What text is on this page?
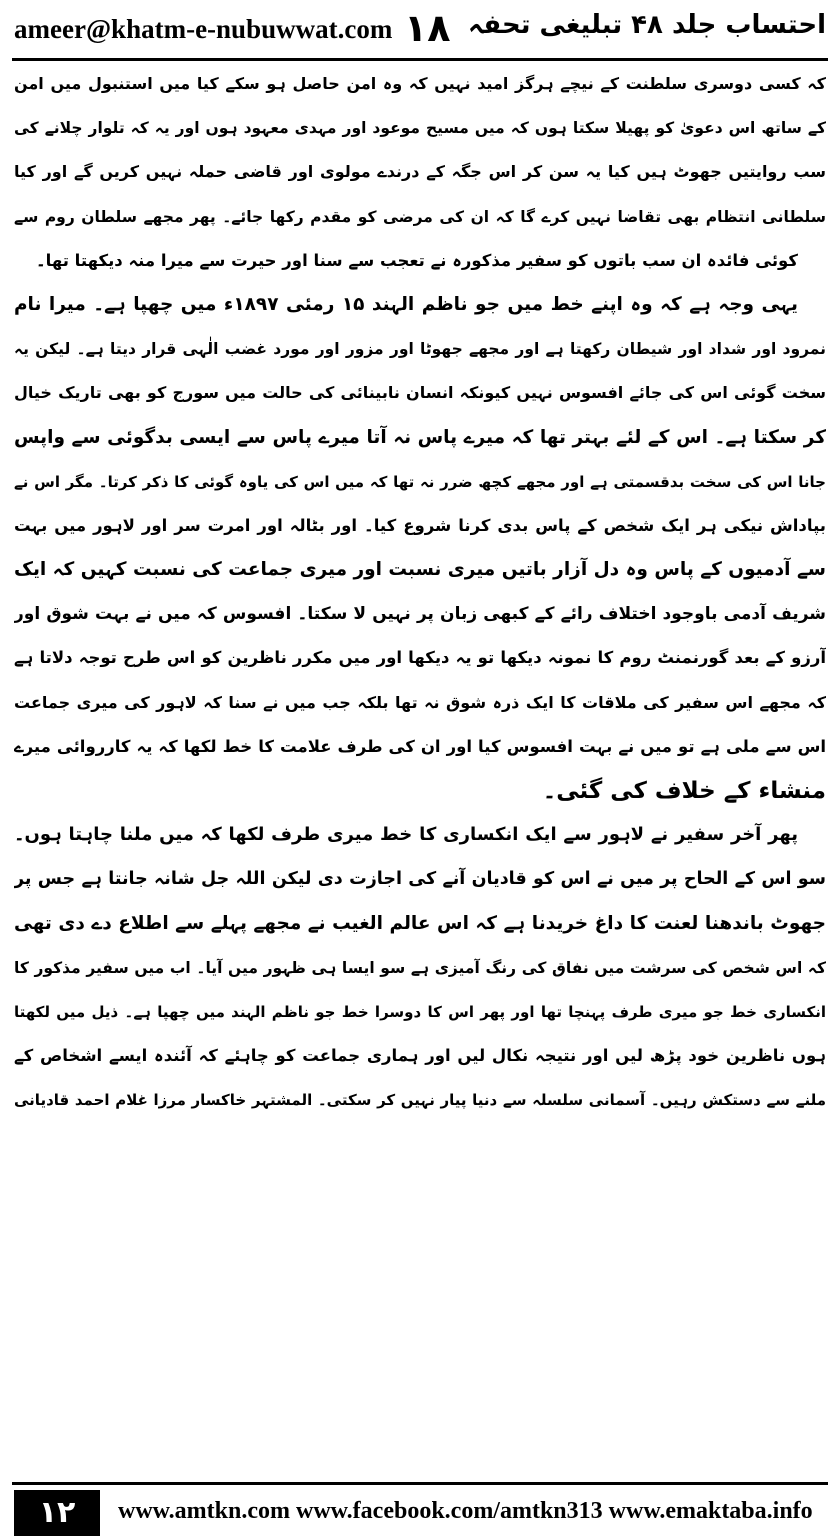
ameer@khatm-e-nubuwwat.com ۱۸ احتساب جلد ۴۸ تبلیغی تحفہ
کہ کسی دوسری سلطنت کے نیچے ہرگز امید نہیں کہ وہ امن حاصل ہو سکے کیا میں استنبول میں امن
کے ساتھ اس دعویٰ کو پھیلا سکتا ہوں کہ میں مسیح موعود اور مہدی معہود ہوں اور یہ کہ تلوار چلانے کی
سب روایتیں جھوٹ ہیں کیا یہ سن کر اس جگہ کے درندے مولوی اور قاضی حملہ نہیں کریں گے اور کیا
سلطانی انتظام بھی تقاضا نہیں کرے گا کہ ان کی مرضی کو مقدم رکھا جائے۔ پھر مجھے سلطان روم سے
کوئی فائدہ ان سب باتوں کو سفیر مذکورہ نے تعجب سے سنا اور حیرت سے میرا منہ دیکھتا تھا۔
یہی وجہ ہے کہ وہ اپنے خط میں جو ناظم الہند ۱۵ رمئی ۱۸۹۷ء میں چھپا ہے۔ میرا نام
نمرود اور شداد اور شیطان رکھتا ہے اور مجھے جھوٹا اور مزور اور مورد غضب الٰہی قرار دیتا ہے۔ لیکن یہ
سخت گوئی اس کی جائے افسوس نہیں کیونکہ انسان نابینائی کی حالت میں سورج کو بھی تاریک خیال
کر سکتا ہے۔ اس کے لئے بہتر تھا کہ میرے پاس نہ آتا میرے پاس سے ایسی بدگوئی سے واپس
جانا اس کی سخت بدقسمتی ہے اور مجھے کچھ ضرر نہ تھا کہ میں اس کی یاوہ گوئی کا ذکر کرتا۔ مگر اس نے
بپاداش نیکی ہر ایک شخص کے پاس بدی کرنا شروع کیا۔ اور بٹالہ اور امرت سر اور لاہور میں بہت
سے آدمیوں کے پاس وہ دل آزار باتیں میری نسبت اور میری جماعت کی نسبت کہیں کہ ایک
شریف آدمی باوجود اختلاف رائے کے کبھی زبان پر نہیں لا سکتا۔ افسوس کہ میں نے بہت شوق اور
آرزو کے بعد گورنمنٹ روم کا نمونہ دیکھا تو یہ دیکھا اور میں مکرر ناظرین کو اس طرح توجہ دلاتا ہے
کہ مجھے اس سفیر کی ملاقات کا ایک ذرہ شوق نہ تھا بلکہ جب میں نے سنا کہ لاہور کی میری جماعت
اس سے ملی ہے تو میں نے بہت افسوس کیا اور ان کی طرف علامت کا خط لکھا کہ یہ کارروائی میرے
منشاء کے خلاف کی گئی۔
پھر آخر سفیر نے لاہور سے ایک انکساری کا خط میری طرف لکھا کہ میں ملنا چاہتا ہوں۔
سو اس کے الحاح پر میں نے اس کو قادیان آنے کی اجازت دی لیکن اللہ جل شانہ جانتا ہے جس پر
جھوٹ باندھنا لعنت کا داغ خریدنا ہے کہ اس عالم الغیب نے مجھے پہلے سے اطلاع دے دی تھی
کہ اس شخص کی سرشت میں نفاق کی رنگ آمیزی ہے سو ایسا ہی ظہور میں آیا۔ اب میں سفیر مذکور کا
انکساری خط جو میری طرف پہنچا تھا اور پھر اس کا دوسرا خط جو ناظم الہند میں چھپا ہے۔ ذیل میں لکھتا
ہوں ناظرین خود پڑھ لیں اور نتیجہ نکال لیں اور ہماری جماعت کو چاہئے کہ آئندہ ایسے اشخاص کے
ملنے سے دستکش رہیں۔ آسمانی سلسلہ سے دنیا پیار نہیں کر سکتی۔ المشتہر خاکسار مرزا غلام احمد قادیانی
۱۲	www.amtkn.com www.facebook.com/amtkn313 www.emaktaba.info
